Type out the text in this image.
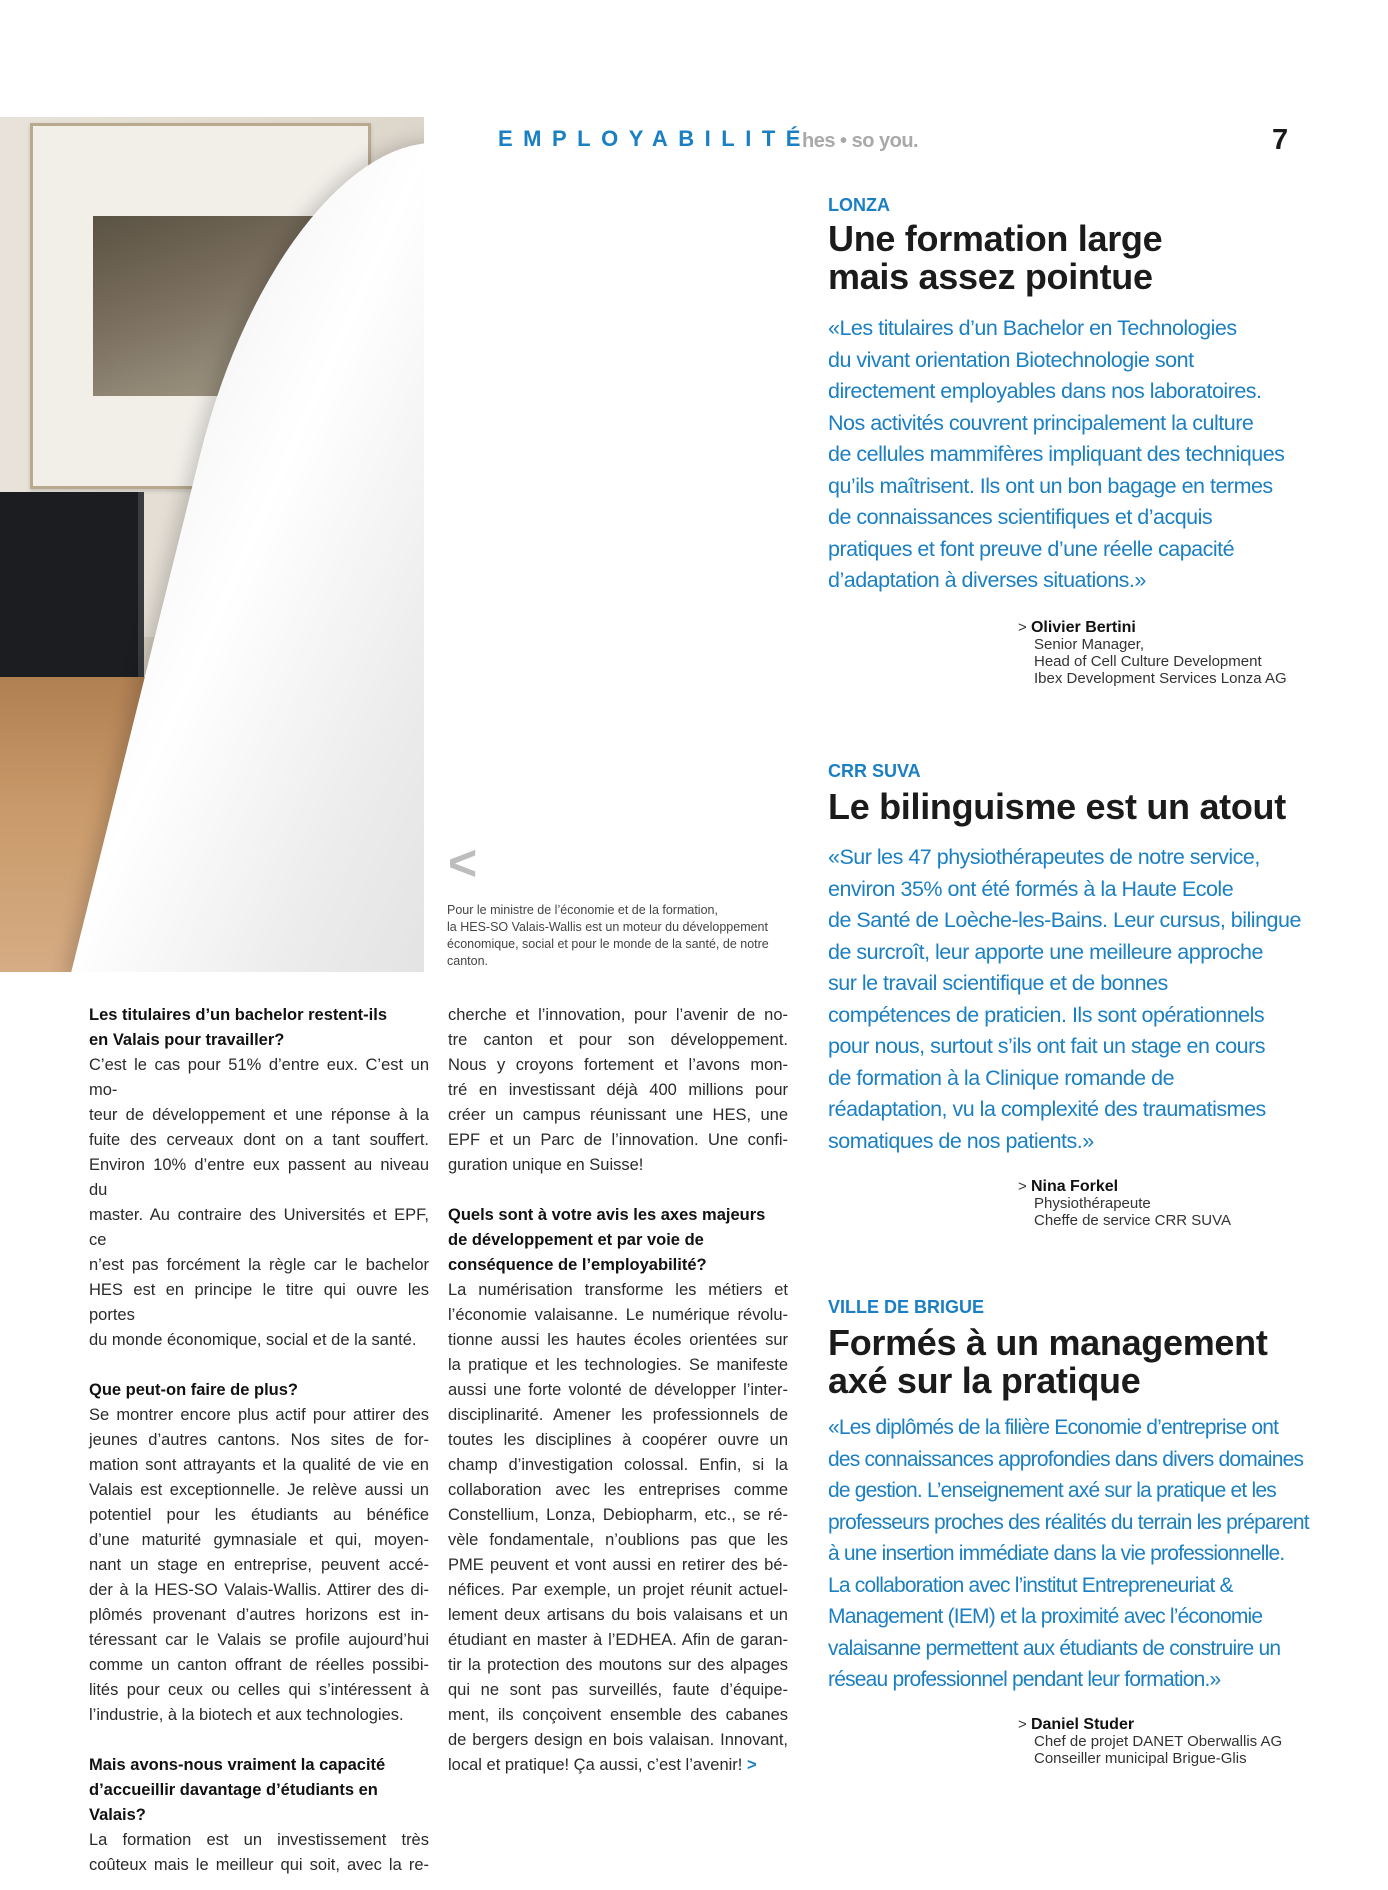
EMPLOYABILITÉ
hes • so you.	7
LONZA
Une formation large
mais assez pointue

«Les titulaires d’un Bachelor en Technologies

du vivant orientation Biotechnologie sont

directement employables dans nos laboratoires.

Nos activités couvrent principalement la culture

de cellules mammifères impliquant des techniques

qu’ils maîtrisent. Ils ont un bon bagage en termes

de connaissances scientifiques et d’acquis

pratiques et font preuve d’une réelle capacité

d’adaptation à diverses situations.»

> Olivier Bertini
Senior Manager,
Head of Cell Culture Development
Ibex Development Services Lonza AG
CRR SUVA
Le bilinguisme est un atout

«Sur les 47 physiothérapeutes de notre service,

environ 35% ont été formés à la Haute Ecole

de Santé de Loèche-les-Bains. Leur cursus, bilingue

de surcroît, leur apporte une meilleure approche

sur le travail scientifique et de bonnes

compétences de praticien. Ils sont opérationnels

pour nous, surtout s’ils ont fait un stage en cours

de formation à la Clinique romande de

réadaptation, vu la complexité des traumatismes

somatiques de nos patients.»

> Nina Forkel
Physiothérapeute
Cheffe de service CRR SUVA
VILLE DE BRIGUE
Formés à un management
axé sur la pratique

«Les diplômés de la filière Economie d’entreprise ont

des connaissances approfondies dans divers domaines

de gestion. L’enseignement axé sur la pratique et les

professeurs proches des réalités du terrain les préparent

à une insertion immédiate dans la vie professionnelle.

La collaboration avec l’institut Entrepreneuriat &

Management (IEM) et la proximité avec l’économie

valaisanne permettent aux étudiants de construire un

réseau professionnel pendant leur formation.»

> Daniel Studer
Chef de projet DANET Oberwallis AG
Conseiller municipal Brigue-Glis
<

Pour le ministre de l’économie et de la formation,

la HES-SO Valais-Wallis est un moteur du développement

économique, social et pour le monde de la santé, de notre

canton.

Les titulaires d’un bachelor restent-ils

en Valais pour travailler?

C’est le cas pour 51% d’entre eux. C’est un mo-

teur de développement et une réponse à la

fuite des cerveaux dont on a tant souffert.

Environ 10% d’entre eux passent au niveau du

master. Au contraire des Universités et EPF, ce

n’est pas forcément la règle car le bachelor

HES est en principe le titre qui ouvre les portes

du monde économique, social et de la santé.

Que peut-on faire de plus?

Se montrer encore plus actif pour attirer des

jeunes d’autres cantons. Nos sites de for-

mation sont attrayants et la qualité de vie en

Valais est exceptionnelle. Je relève aussi un

potentiel pour les étudiants au bénéfice

d’une maturité gymnasiale et qui, moyen-

nant un stage en entreprise, peuvent accé-

der à la HES-SO Valais-Wallis. Attirer des di-

plômés provenant d’autres horizons est in-

téressant car le Valais se profile aujourd’hui

comme un canton offrant de réelles possibi-

lités pour ceux ou celles qui s’intéressent à

l’industrie, à la biotech et aux technologies.

Mais avons-nous vraiment la capacité

d’accueillir davantage d’étudiants en

Valais?

La formation est un investissement très

coûteux mais le meilleur qui soit, avec la re-

cherche et l’innovation, pour l’avenir de no-

tre canton et pour son développement.

Nous y croyons fortement et l’avons mon-

tré en investissant déjà 400 millions pour

créer un campus réunissant une HES, une

EPF et un Parc de l’innovation. Une confi-

guration unique en Suisse!

Quels sont à votre avis les axes majeurs

de développement et par voie de

conséquence de l’employabilité?

La numérisation transforme les métiers et

l’économie valaisanne. Le numérique révolu-

tionne aussi les hautes écoles orientées sur

la pratique et les technologies. Se manifeste

aussi une forte volonté de développer l’inter-

disciplinarité. Amener les professionnels de

toutes les disciplines à coopérer ouvre un

champ d’investigation colossal. Enfin, si la

collaboration avec les entreprises comme

Constellium, Lonza, Debiopharm, etc., se ré-

vèle fondamentale, n’oublions pas que les

PME peuvent et vont aussi en retirer des bé-

néfices. Par exemple, un projet réunit actuel-

lement deux artisans du bois valaisans et un

étudiant en master à l’EDHEA. Afin de garan-

tir la protection des moutons sur des alpages

qui ne sont pas surveillés, faute d’équipe-

ment, ils conçoivent ensemble des cabanes

de bergers design en bois valaisan. Innovant,

local et pratique! Ça aussi, c’est l’avenir! >
